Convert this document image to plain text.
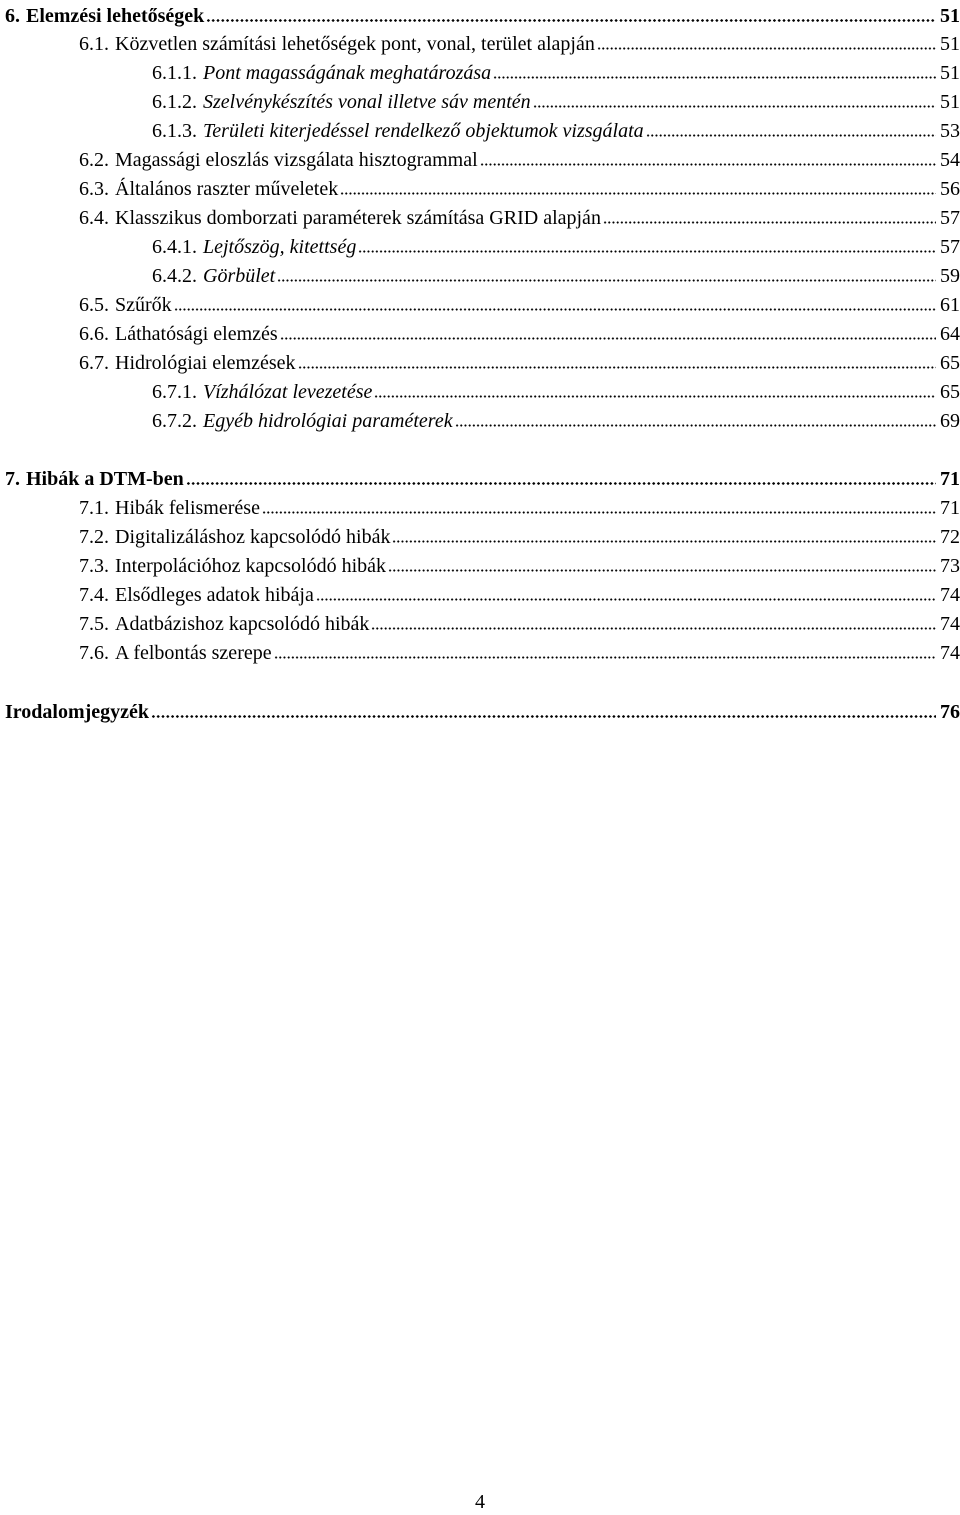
6. Elemzési lehetőségek	51
6.1. Közvetlen számítási lehetőségek pont, vonal, terület alapján	51
6.1.1. Pont magasságának meghatározása	51
6.1.2. Szelvénykészítés vonal illetve sáv mentén	51
6.1.3. Területi kiterjedéssel rendelkező objektumok vizsgálata	53
6.2. Magassági eloszlás vizsgálata hisztogrammal	54
6.3. Általános raszter műveletek	56
6.4. Klasszikus domborzati paraméterek számítása GRID alapján	57
6.4.1. Lejtőszög, kitettség	57
6.4.2. Görbület	59
6.5. Szűrők	61
6.6. Láthatósági elemzés	64
6.7. Hidrológiai elemzések	65
6.7.1. Vízhálózat levezetése	65
6.7.2. Egyéb hidrológiai paraméterek	69
7. Hibák a DTM-ben	71
7.1. Hibák felismerése	71
7.2. Digitalizáláshoz kapcsolódó hibák	72
7.3. Interpolációhoz kapcsolódó hibák	73
7.4. Elsődleges adatok hibája	74
7.5. Adatbázishoz kapcsolódó hibák	74
7.6. A felbontás szerepe	74
Irodalomjegyzék	76
4
